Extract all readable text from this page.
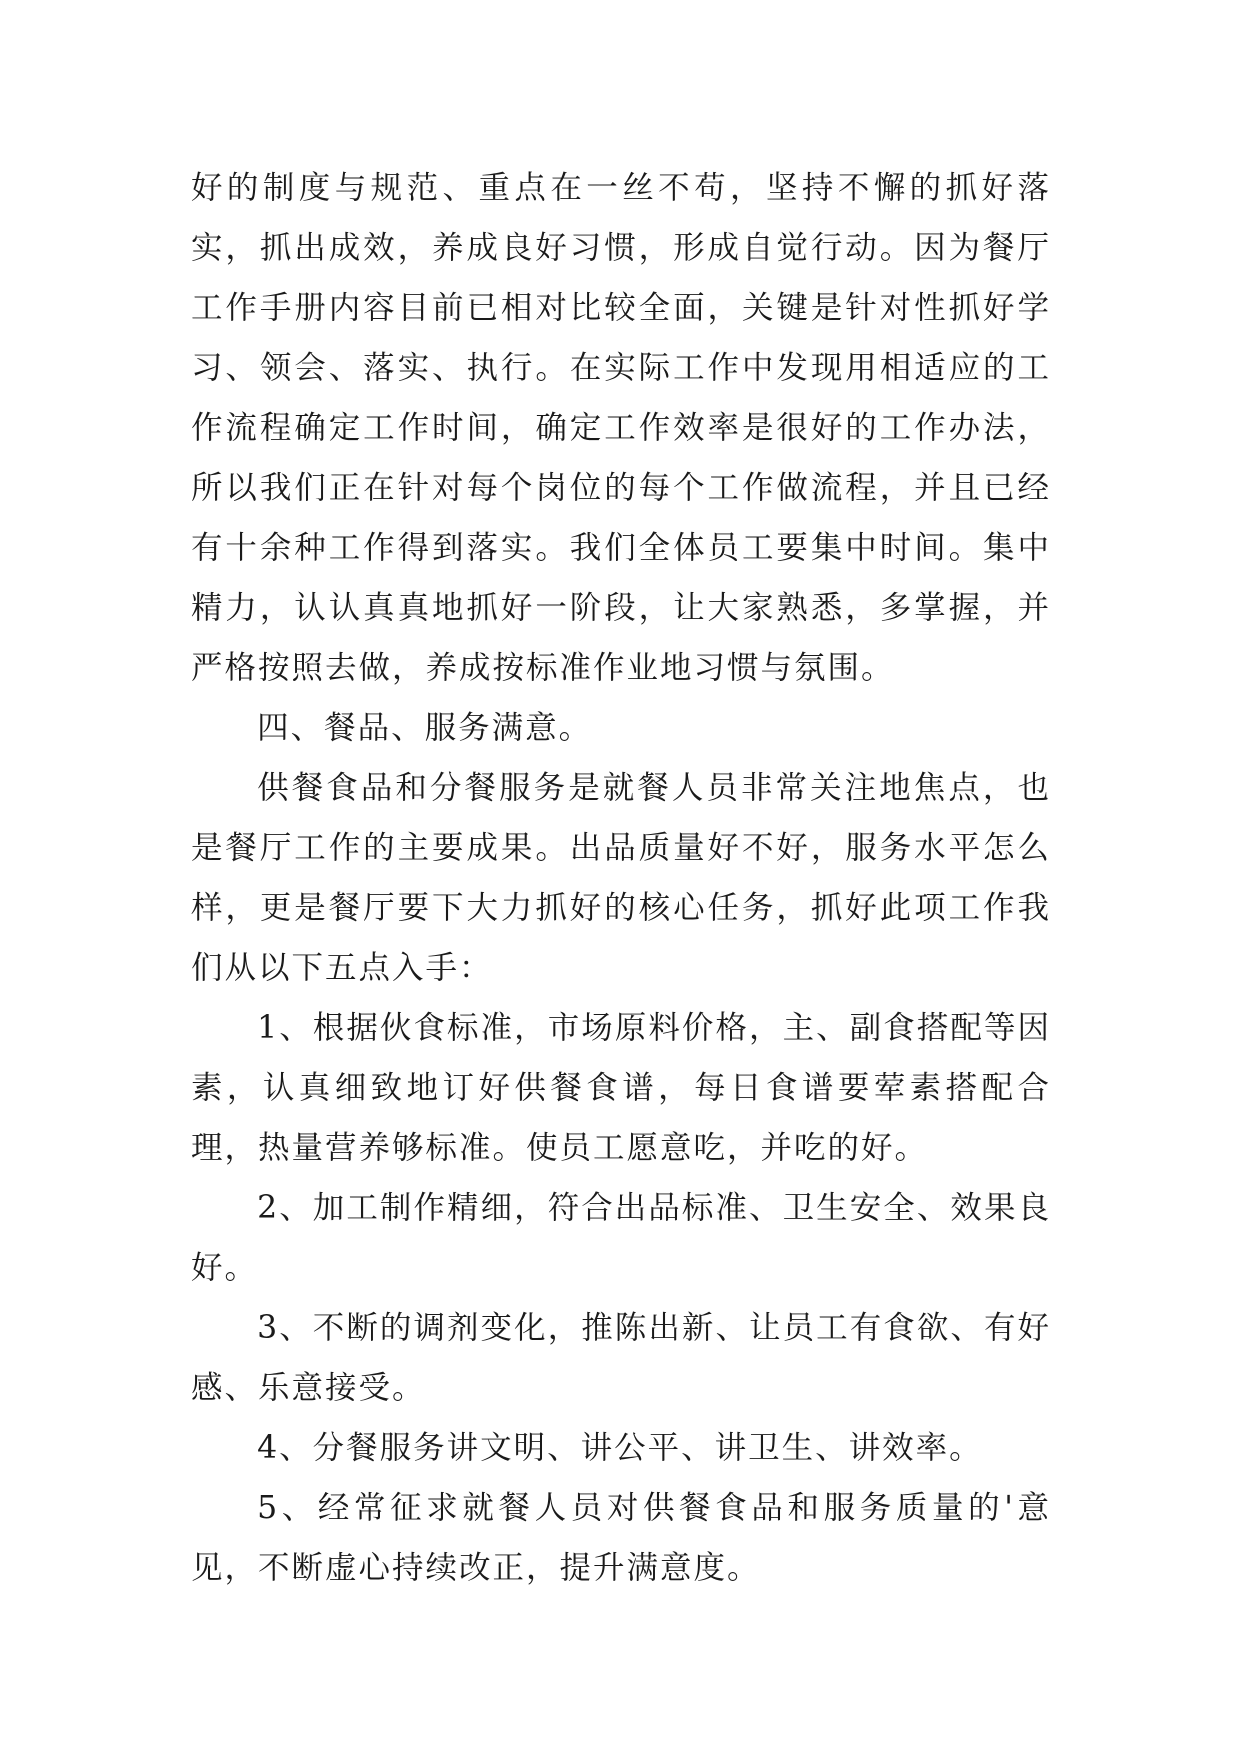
好的制度与规范、重点在一丝不苟，坚持不懈的抓好落实，抓出成效，养成良好习惯，形成自觉行动。因为餐厅工作手册内容目前已相对比较全面，关键是针对性抓好学习、领会、落实、执行。在实际工作中发现用相适应的工作流程确定工作时间，确定工作效率是很好的工作办法，所以我们正在针对每个岗位的每个工作做流程，并且已经有十余种工作得到落实。我们全体员工要集中时间。集中精力，认认真真地抓好一阶段，让大家熟悉，多掌握，并严格按照去做，养成按标准作业地习惯与氛围。

四、餐品、服务满意。

供餐食品和分餐服务是就餐人员非常关注地焦点，也是餐厅工作的主要成果。出品质量好不好，服务水平怎么样，更是餐厅要下大力抓好的核心任务，抓好此项工作我们从以下五点入手：

1、根据伙食标准，市场原料价格，主、副食搭配等因素，认真细致地订好供餐食谱，每日食谱要荤素搭配合理，热量营养够标准。使员工愿意吃，并吃的好。

2、加工制作精细，符合出品标准、卫生安全、效果良好。

3、不断的调剂变化，推陈出新、让员工有食欲、有好感、乐意接受。

4、分餐服务讲文明、讲公平、讲卫生、讲效率。

5、经常征求就餐人员对供餐食品和服务质量的'意见，不断虚心持续改正，提升满意度。
